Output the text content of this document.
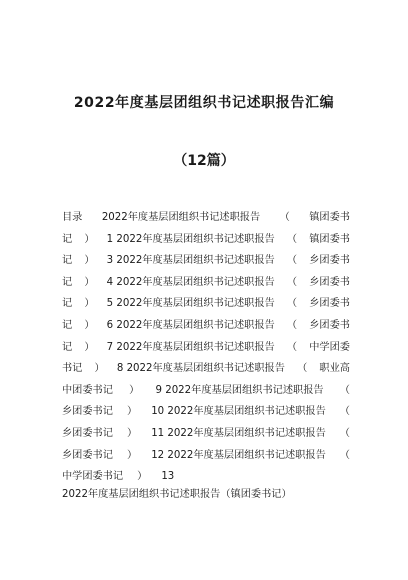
2022年度基层团组织书记述职报告汇编
（12篇）
目录 2022年度基层团组织书记述职报告 （ 镇团委书
记 ） 1 2022年度基层团组织书记述职报告 （ 镇团委书
记 ） 3 2022年度基层团组织书记述职报告 （ 乡团委书
记 ） 4 2022年度基层团组织书记述职报告 （ 乡团委书
记 ） 5 2022年度基层团组织书记述职报告 （ 乡团委书
记 ） 6 2022年度基层团组织书记述职报告 （ 乡团委书
记 ） 7 2022年度基层团组织书记述职报告 （ 中学团委
书记 ） 8 2022年度基层团组织书记述职报告 （ 职业高
中团委书记 ） 9 2022年度基层团组织书记述职报告 （
乡团委书记 ） 10 2022年度基层团组织书记述职报告 （
乡团委书记 ） 11 2022年度基层团组织书记述职报告 （
乡团委书记 ） 12 2022年度基层团组织书记述职报告 （
中学团委书记 ） 13
2022年度基层团组织书记述职报告（镇团委书记）
